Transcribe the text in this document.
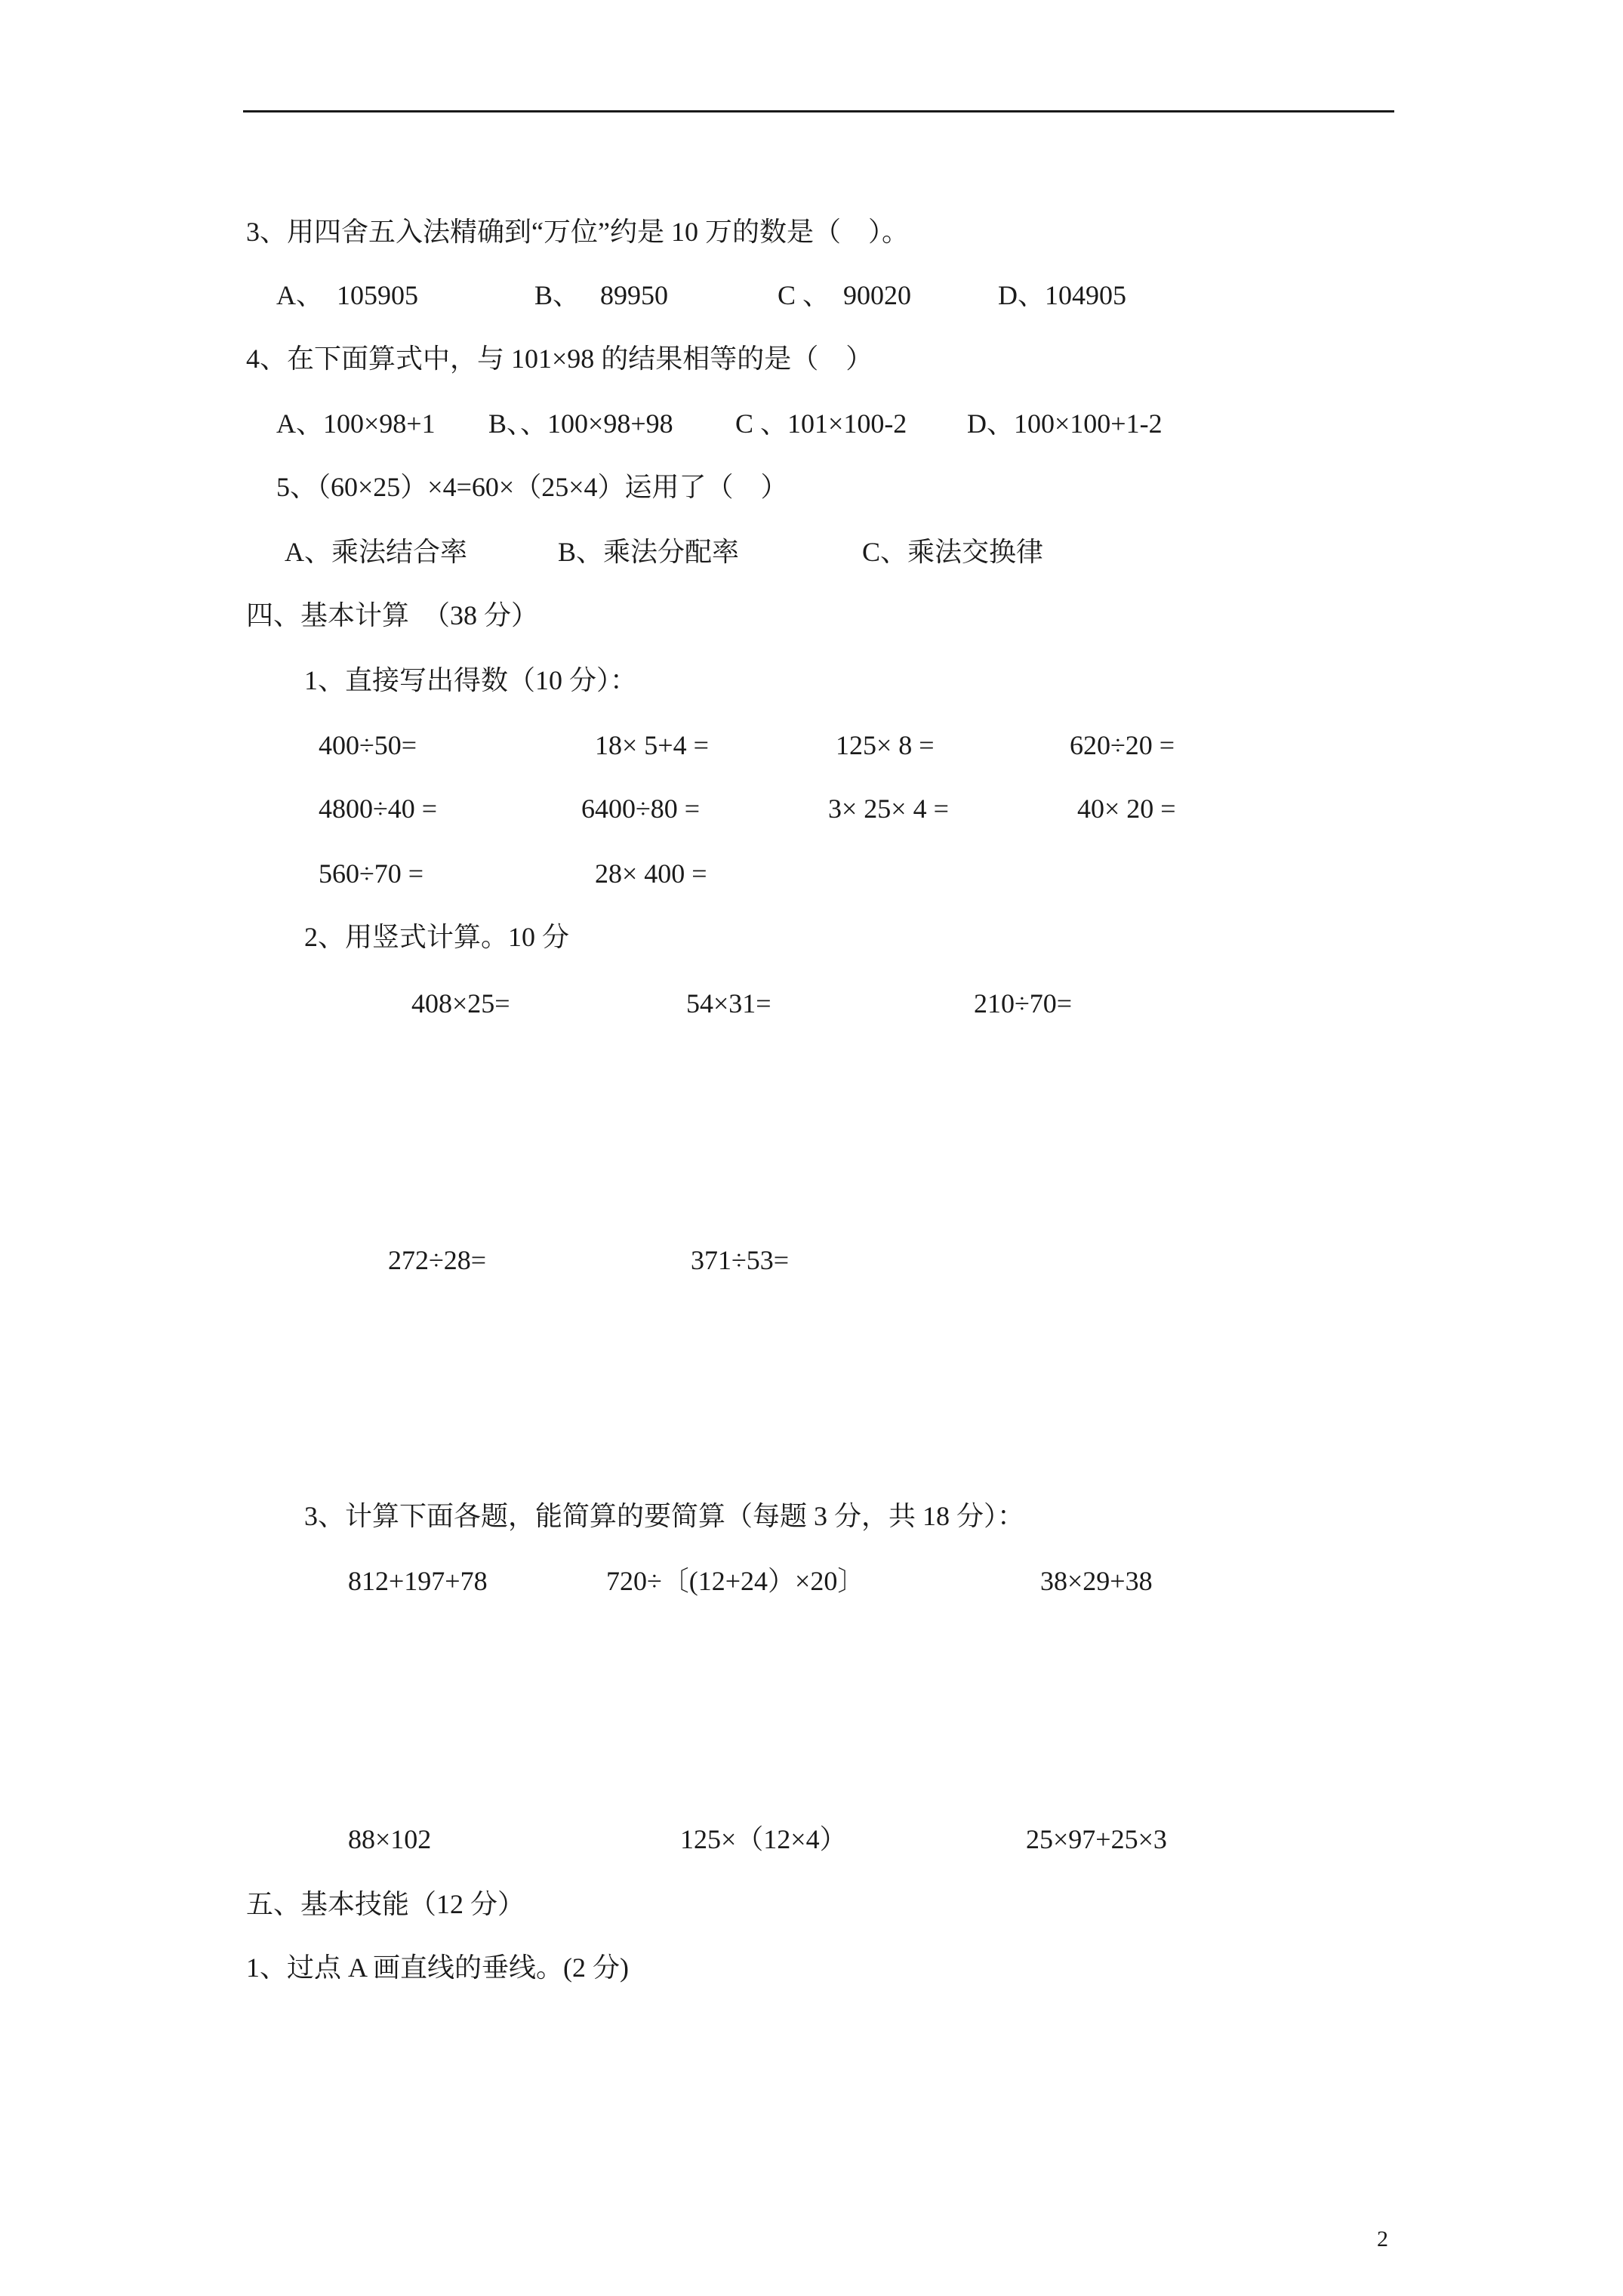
3、用四舍五入法精确到“万位”约是 10 万的数是（    ）。
A、  105905	B、   89950	C 、  90020	D、104905
4、在下面算式中，与 101×98 的结果相等的是（    ）
A、100×98+1 B、、100×98+98 C 、101×100-2 D、100×100+1-2
5、（60×25）×4=60×（25×4）运用了（    ）
A、乘法结合率	B、乘法分配率	C、乘法交换律
四、基本计算  （38 分）
1、直接写出得数（10 分）：
400÷50=	18× 5+4 =	125× 8 =	620÷20 =
4800÷40 =	6400÷80 =	3× 25× 4 =	40× 20 =
560÷70 =	28× 400 =
2、用竖式计算。10 分
408×25=	54×31=	210÷70=
272÷28=	371÷53=
3、计算下面各题，能简算的要简算（每题 3 分，共 18 分）：
812+197+78	720÷〔(12+24）×20〕	38×29+38
88×102	125×（12×4）	25×97+25×3
五、基本技能（12 分）
1、过点 A 画直线的垂线。(2 分)
2
